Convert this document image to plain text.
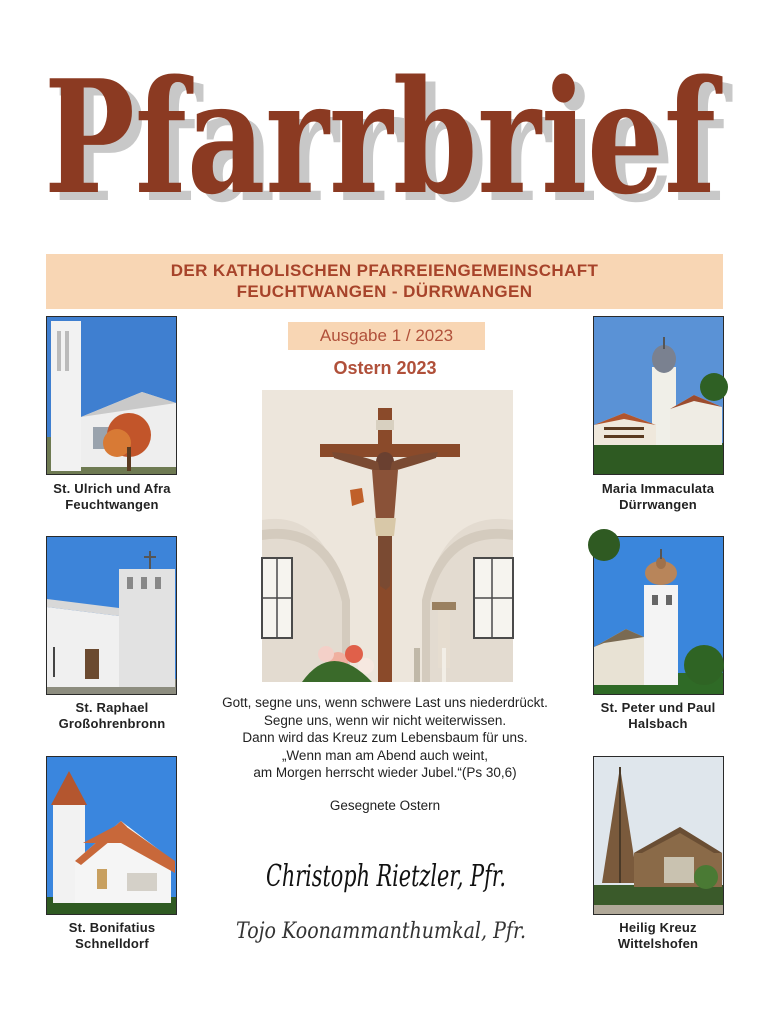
Pfarrbrief
Pfarrbrief
DER KATHOLISCHEN PFARREIENGEMEINSCHAFT
FEUCHTWANGEN - DÜRRWANGEN
St. Ulrich und Afra
Feuchtwangen
St. Raphael
Großohrenbronn
St. Bonifatius
Schnelldorf
Maria Immaculata
Dürrwangen
St. Peter und Paul
Halsbach
Heilig Kreuz
Wittelshofen
Ausgabe 1 / 2023
Ostern 2023
Gott, segne uns, wenn schwere Last uns niederdrückt.
Segne uns, wenn wir nicht weiterwissen.
Dann wird das Kreuz zum Lebensbaum für uns.
„Wenn man am Abend auch weint,
am Morgen herrscht wieder Jubel.“(Ps 30,6)
Gesegnete Ostern
Christoph Rietzler, Pfr.
Tojo Koonammanthumkal, Pfr.
